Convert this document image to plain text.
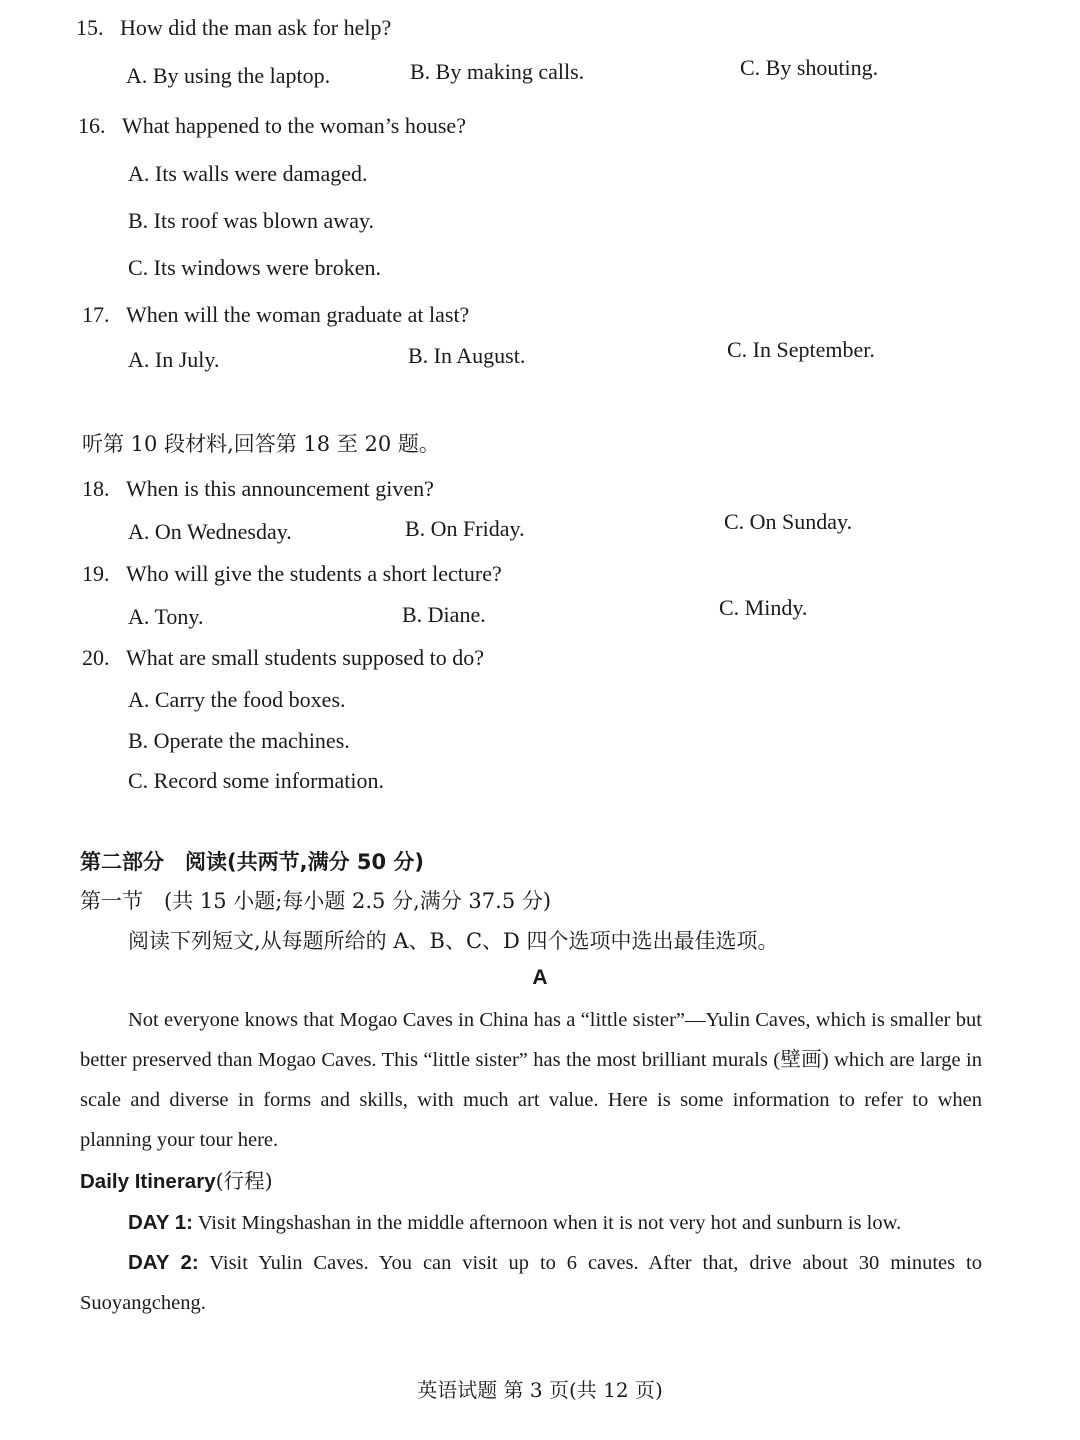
15. How did the man ask for help?
A. By using the laptop.	B. By making calls.	C. By shouting.
16. What happened to the woman’s house?
A. Its walls were damaged.
B. Its roof was blown away.
C. Its windows were broken.
17. When will the woman graduate at last?
A. In July.	B. In August.	C. In September.
听第 10 段材料,回答第 18 至 20 题。
18. When is this announcement given?
A. On Wednesday.	B. On Friday.	C. On Sunday.
19. Who will give the students a short lecture?
A. Tony.	B. Diane.	C. Mindy.
20. What are small students supposed to do?
A. Carry the food boxes.
B. Operate the machines.
C. Record some information.
第二部分　阅读(共两节,满分 50 分)
第一节　(共 15 小题;每小题 2.5 分,满分 37.5 分)
阅读下列短文,从每题所给的 A、B、C、D 四个选项中选出最佳选项。
A

Not everyone knows that Mogao Caves in China has a “little sister”—Yulin Caves, which is smaller but better preserved than Mogao Caves. This “little sister” has the most brilliant murals (壁画) which are large in scale and diverse in forms and skills, with much art value. Here is some information to refer to when planning your tour here.

Daily Itinerary(行程)

DAY 1: Visit Mingshashan in the middle afternoon when it is not very hot and sunburn is low.

DAY 2: Visit Yulin Caves. You can visit up to 6 caves. After that, drive about 30 minutes to Suoyangcheng.

英语试题 第 3 页(共 12 页)
